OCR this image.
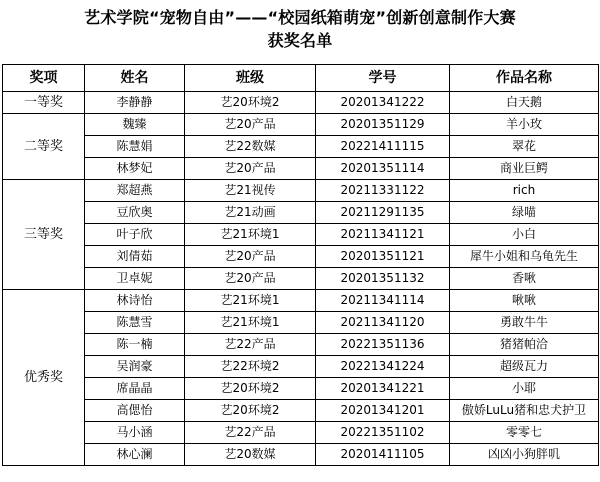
艺术学院“宠物自由”——“校园纸箱萌宠”创新创意制作大赛
获奖名单
奖项	姓名	班级	学号	作品名称
一等奖	李静静	艺20环境2	20201341222	白天鹅
二等奖	魏臻	艺20产品	20201351129	羊小玫
	陈慧娟	艺22数媒	20221411115	翠花
	林梦妃	艺20产品	20201351114	商业巨鳄
三等奖	郑超燕	艺21视传	20211331122	rich
	豆欣奥	艺21动画	20211291135	绿喵
	叶子欣	艺21环境1	20211341121	小白
	刘倩茹	艺20产品	20201351121	犀牛小姐和乌龟先生
	卫卓妮	艺20产品	20201351132	香啾
优秀奖	林诗怡	艺21环境1	20211341114	啾啾
	陈慧雪	艺21环境1	20211341120	勇敢牛牛
	陈一楠	艺22产品	20221351136	猪猪帕洽
	吴润豪	艺22环境2	20221341224	超级瓦力
	席晶晶	艺20环境2	20201341221	小耶
	高偲怡	艺20环境2	20201341201	傲娇LuLu猪和忠犬护卫
	马小涵	艺22产品	20221351102	零零七
	林心澜	艺20数媒	20201411105	凶凶小狗胖叽
